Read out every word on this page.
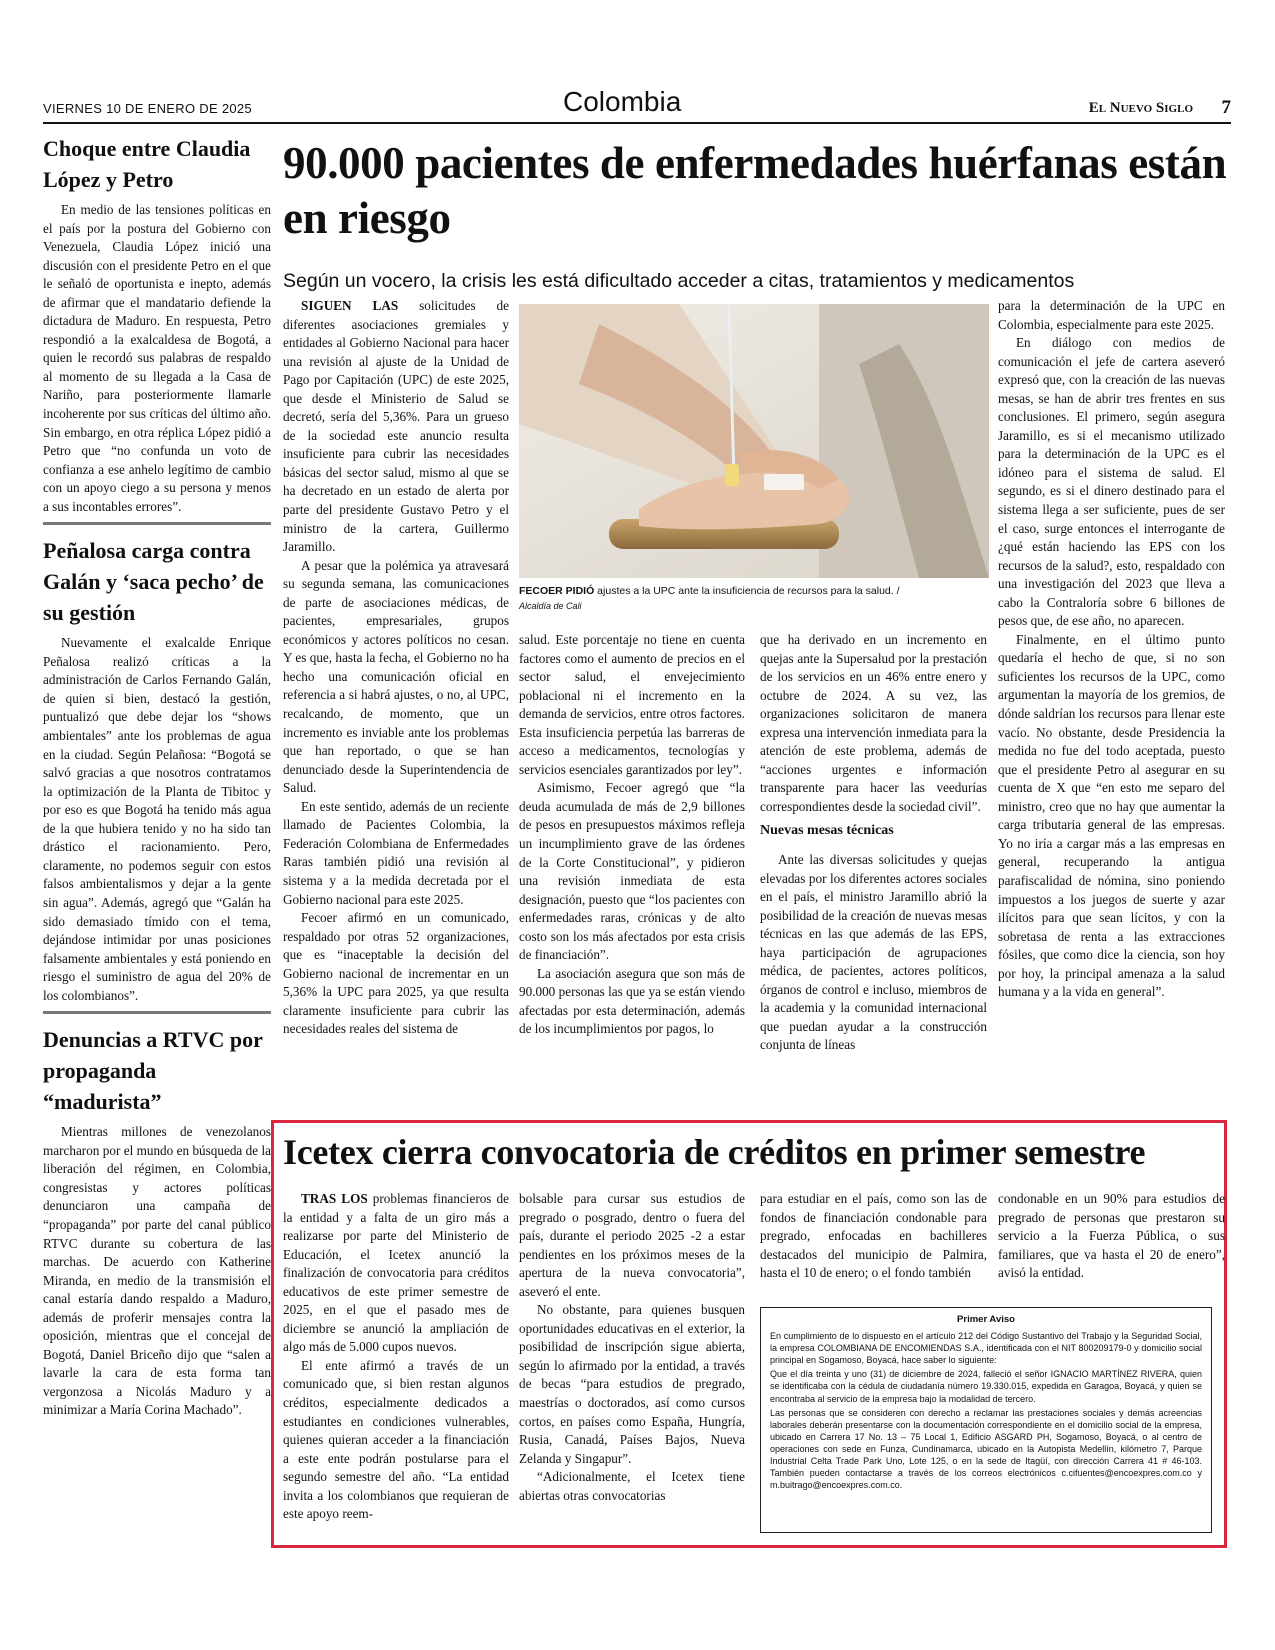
VIERNES 10 DE ENERO DE 2025	Colombia	El Nuevo Siglo 7
Choque entre Claudia López y Petro

En medio de las tensiones políticas en el país por la postura del Gobierno con Venezuela, Claudia López inició una discusión con el presidente Petro en el que le señaló de oportunista e inepto, además de afirmar que el mandatario defiende la dictadura de Maduro. En respuesta, Petro respondió a la exalcaldesa de Bogotá, a quien le recordó sus palabras de respaldo al momento de su llegada a la Casa de Nariño, para posteriormente llamarle incoherente por sus críticas del último año. Sin embargo, en otra réplica López pidió a Petro que “no confunda un voto de confianza a ese anhelo legítimo de cambio con un apoyo ciego a su persona y menos a sus incontables errores”.

Peñalosa carga contra Galán y ‘saca pecho’ de su gestión

Nuevamente el exalcalde Enrique Peñalosa realizó críticas a la administración de Carlos Fernando Galán, de quien si bien, destacó la gestión, puntualizó que debe dejar los “shows ambientales” ante los problemas de agua en la ciudad. Según Pelañosa: “Bogotá se salvó gracias a que nosotros contratamos la optimización de la Planta de Tibitoc y por eso es que Bogotá ha tenido más agua de la que hubiera tenido y no ha sido tan drástico el racionamiento. Pero, claramente, no podemos seguir con estos falsos ambientalismos y dejar a la gente sin agua”. Además, agregó que “Galán ha sido demasiado tímido con el tema, dejándose intimidar por unas posiciones falsamente ambientales y está poniendo en riesgo el suministro de agua del 20% de los colombianos”.

Denuncias a RTVC por propaganda “madurista”

Mientras millones de venezolanos marcharon por el mundo en búsqueda de la liberación del régimen, en Colombia, congresistas y actores políticas denunciaron una campaña de “propaganda” por parte del canal público RTVC durante su cobertura de las marchas. De acuerdo con Katherine Miranda, en medio de la transmisión el canal estaría dando respaldo a Maduro, además de proferir mensajes contra la oposición, mientras que el concejal de Bogotá, Daniel Briceño dijo que “salen a lavarle la cara de esta forma tan vergonzosa a Nicolás Maduro y a minimizar a María Corina Machado”.

90.000 pacientes de enfermedades huérfanas están en riesgo
Según un vocero, la crisis les está dificultado acceder a citas, tratamientos y medicamentos

SIGUEN LAS solicitudes de diferentes asociaciones gremiales y entidades al Gobierno Nacional para hacer una revisión al ajuste de la Unidad de Pago por Capitación (UPC) de este 2025, que desde el Ministerio de Salud se decretó, sería del 5,36%. Para un grueso de la sociedad este anuncio resulta insuficiente para cubrir las necesidades básicas del sector salud, mismo al que se ha decretado en un estado de alerta por parte del presidente Gustavo Petro y el ministro de la cartera, Guillermo Jaramillo.

A pesar que la polémica ya atravesará su segunda semana, las comunicaciones de parte de asociaciones médicas, de pacientes, empresariales, grupos económicos y actores políticos no cesan. Y es que, hasta la fecha, el Gobierno no ha hecho una comunicación oficial en referencia a si habrá ajustes, o no, al UPC, recalcando, de momento, que un incremento es inviable ante los problemas que han reportado, o que se han denunciado desde la Superintendencia de Salud.

En este sentido, además de un reciente llamado de Pacientes Colombia, la Federación Colombiana de Enfermedades Raras también pidió una revisión al sistema y a la medida decretada por el Gobierno nacional para este 2025.

Fecoer afirmó en un comunicado, respaldado por otras 52 organizaciones, que es “inaceptable la decisión del Gobierno nacional de incrementar en un 5,36% la UPC para 2025, ya que resulta claramente insuficiente para cubrir las necesidades reales del sistema de

FECOER PIDIÓ ajustes a la UPC ante la insuficiencia de recursos para la salud. /
Alcaldía de Cali

salud. Este porcentaje no tiene en cuenta factores como el aumento de precios en el sector salud, el envejecimiento poblacional ni el incremento en la demanda de servicios, entre otros factores. Esta insuficiencia perpetúa las barreras de acceso a medicamentos, tecnologías y servicios esenciales garantizados por ley”.

Asimismo, Fecoer agregó que “la deuda acumulada de más de 2,9 billones de pesos en presupuestos máximos refleja un incumplimiento grave de las órdenes de la Corte Constitucional”, y pidieron una revisión inmediata de esta designación, puesto que “los pacientes con enfermedades raras, crónicas y de alto costo son los más afectados por esta crisis de financiación”.

La asociación asegura que son más de 90.000 personas las que ya se están viendo afectadas por esta determinación, además de los incumplimientos por pagos, lo

que ha derivado en un incremento en quejas ante la Supersalud por la prestación de los servicios en un 46% entre enero y octubre de 2024. A su vez, las organizaciones solicitaron de manera expresa una intervención inmediata para la atención de este problema, además de “acciones urgentes e información transparente para hacer las veedurías correspondientes desde la sociedad civil”.

Nuevas mesas técnicas

Ante las diversas solicitudes y quejas elevadas por los diferentes actores sociales en el país, el ministro Jaramillo abrió la posibilidad de la creación de nuevas mesas técnicas en las que además de las EPS, haya participación de agrupaciones médica, de pacientes, actores políticos, órganos de control e incluso, miembros de la academia y la comunidad internacional que puedan ayudar a la construcción conjunta de líneas

para la determinación de la UPC en Colombia, especialmente para este 2025.

En diálogo con medios de comunicación el jefe de cartera aseveró expresó que, con la creación de las nuevas mesas, se han de abrir tres frentes en sus conclusiones. El primero, según asegura Jaramillo, es si el mecanismo utilizado para la determinación de la UPC es el idóneo para el sistema de salud. El segundo, es si el dinero destinado para el sistema llega a ser suficiente, pues de ser el caso, surge entonces el interrogante de ¿qué están haciendo las EPS con los recursos de la salud?, esto, respaldado con una investigación del 2023 que lleva a cabo la Contraloría sobre 6 billones de pesos que, de ese año, no aparecen.

Finalmente, en el último punto quedaría el hecho de que, si no son suficientes los recursos de la UPC, como argumentan la mayoría de los gremios, de dónde saldrían los recursos para llenar este vacío. No obstante, desde Presidencia la medida no fue del todo aceptada, puesto que el presidente Petro al asegurar en su cuenta de X que “en esto me separo del ministro, creo que no hay que aumentar la carga tributaria general de las empresas. Yo no iría a cargar más a las empresas en general, recuperando la antigua parafiscalidad de nómina, sino poniendo impuestos a los juegos de suerte y azar ilícitos para que sean lícitos, y con la sobretasa de renta a las extracciones fósiles, que como dice la ciencia, son hoy por hoy, la principal amenaza a la salud humana y a la vida en general”.

Icetex cierra convocatoria de créditos en primer semestre

TRAS LOS problemas financieros de la entidad y a falta de un giro más a realizarse por parte del Ministerio de Educación, el Icetex anunció la finalización de convocatoria para créditos educativos de este primer semestre de 2025, en el que el pasado mes de diciembre se anunció la ampliación de algo más de 5.000 cupos nuevos.

El ente afirmó a través de un comunicado que, si bien restan algunos créditos, especialmente dedicados a estudiantes en condiciones vulnerables, quienes quieran acceder a la financiación a este ente podrán postularse para el segundo semestre del año. “La entidad invita a los colombianos que requieran de este apoyo reem-

bolsable para cursar sus estudios de pregrado o posgrado, dentro o fuera del país, durante el periodo 2025 -2 a estar pendientes en los próximos meses de la apertura de la nueva convocatoria”, aseveró el ente.

No obstante, para quienes busquen oportunidades educativas en el exterior, la posibilidad de inscripción sigue abierta, según lo afirmado por la entidad, a través de becas “para estudios de pregrado, maestrías o doctorados, así como cursos cortos, en países como España, Hungría, Rusia, Canadá, Países Bajos, Nueva Zelanda y Singapur”.

“Adicionalmente, el Icetex tiene abiertas otras convocatorias

para estudiar en el país, como son las de fondos de financiación condonable para pregrado, enfocadas en bachilleres destacados del municipio de Palmira, hasta el 10 de enero; o el fondo también

condonable en un 90% para estudios de pregrado de personas que prestaron su servicio a la Fuerza Pública, o sus familiares, que va hasta el 20 de enero”, avisó la entidad.

Primer Aviso

En cumplimiento de lo dispuesto en el artículo 212 del Código Sustantivo del Trabajo y la Seguridad Social, la empresa COLOMBIANA DE ENCOMIENDAS S.A., identificada con el NIT 800209179-0 y domicilio social principal en Sogamoso, Boyacá, hace saber lo siguiente:

Que el día treinta y uno (31) de diciembre de 2024, falleció el señor IGNACIO MARTÍNEZ RIVERA, quien se identificaba con la cédula de ciudadanía número 19.330.015, expedida en Garagoa, Boyacá, y quien se encontraba al servicio de la empresa bajo la modalidad de tercero.

Las personas que se consideren con derecho a reclamar las prestaciones sociales y demás acreencias laborales deberán presentarse con la documentación correspondiente en el domicilio social de la empresa, ubicado en Carrera 17 No. 13 – 75 Local 1, Edificio ASGARD PH, Sogamoso, Boyacá, o al centro de operaciones con sede en Funza, Cundinamarca, ubicado en la Autopista Medellín, kilómetro 7, Parque Industrial Celta Trade Park Uno, Lote 125, o en la sede de Itagüí, con dirección Carrera 41 # 46-103. También pueden contactarse a través de los correos electrónicos c.cifuentes@encoexpres.com.co y m.buitrago@encoexpres.com.co.
